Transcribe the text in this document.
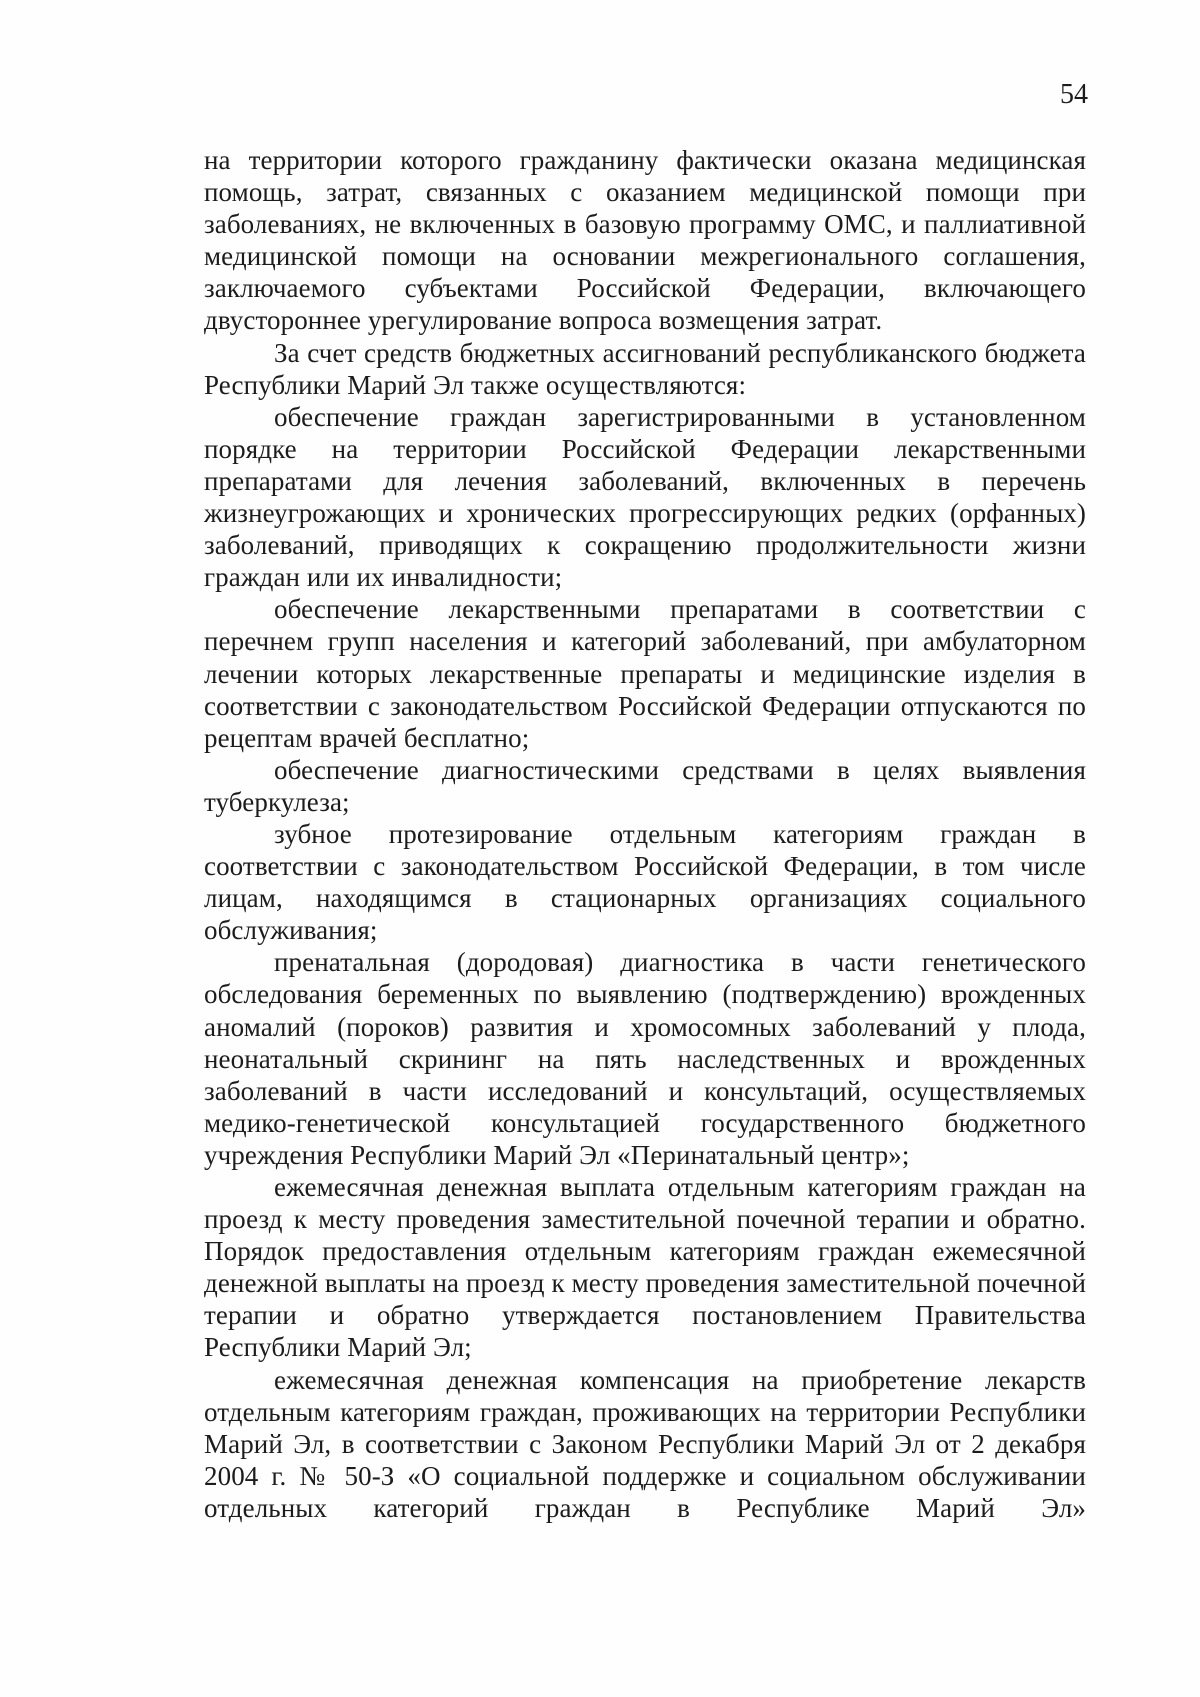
54

на территории которого гражданину фактически оказана медицинская помощь, затрат, связанных с оказанием медицинской помощи при заболеваниях, не включенных в базовую программу ОМС, и паллиативной медицинской помощи на основании межрегионального соглашения, заключаемого субъектами Российской Федерации, включающего двустороннее урегулирование вопроса возмещения затрат.

За счет средств бюджетных ассигнований республиканского бюджета Республики Марий Эл также осуществляются:

обеспечение граждан зарегистрированными в установленном порядке на территории Российской Федерации лекарственными препаратами для лечения заболеваний, включенных в перечень жизнеугрожающих и хронических прогрессирующих редких (орфанных) заболеваний, приводящих к сокращению продолжительности жизни граждан или их инвалидности;

обеспечение лекарственными препаратами в соответствии с перечнем групп населения и категорий заболеваний, при амбулаторном лечении которых лекарственные препараты и медицинские изделия в соответствии с законодательством Российской Федерации отпускаются по рецептам врачей бесплатно;

обеспечение диагностическими средствами в целях выявления туберкулеза;

зубное протезирование отдельным категориям граждан в соответствии с законодательством Российской Федерации, в том числе лицам, находящимся в стационарных организациях социального обслуживания;

пренатальная (дородовая) диагностика в части генетического обследования беременных по выявлению (подтверждению) врожденных аномалий (пороков) развития и хромосомных заболеваний у плода, неонатальный скрининг на пять наследственных и врожденных заболеваний в части исследований и консультаций, осуществляемых медико-генетической консультацией государственного бюджетного учреждения Республики Марий Эл «Перинатальный центр»;

ежемесячная денежная выплата отдельным категориям граждан на проезд к месту проведения заместительной почечной терапии и обратно. Порядок предоставления отдельным категориям граждан ежемесячной денежной выплаты на проезд к месту проведения заместительной почечной терапии и обратно утверждается постановлением Правительства Республики Марий Эл;

ежемесячная денежная компенсация на приобретение лекарств отдельным категориям граждан, проживающих на территории Республики Марий Эл, в соответствии с Законом Республики Марий Эл от 2 декабря 2004 г. № 50-З «О социальной поддержке и социальном обслуживании отдельных категорий граждан в Республике Марий Эл»
